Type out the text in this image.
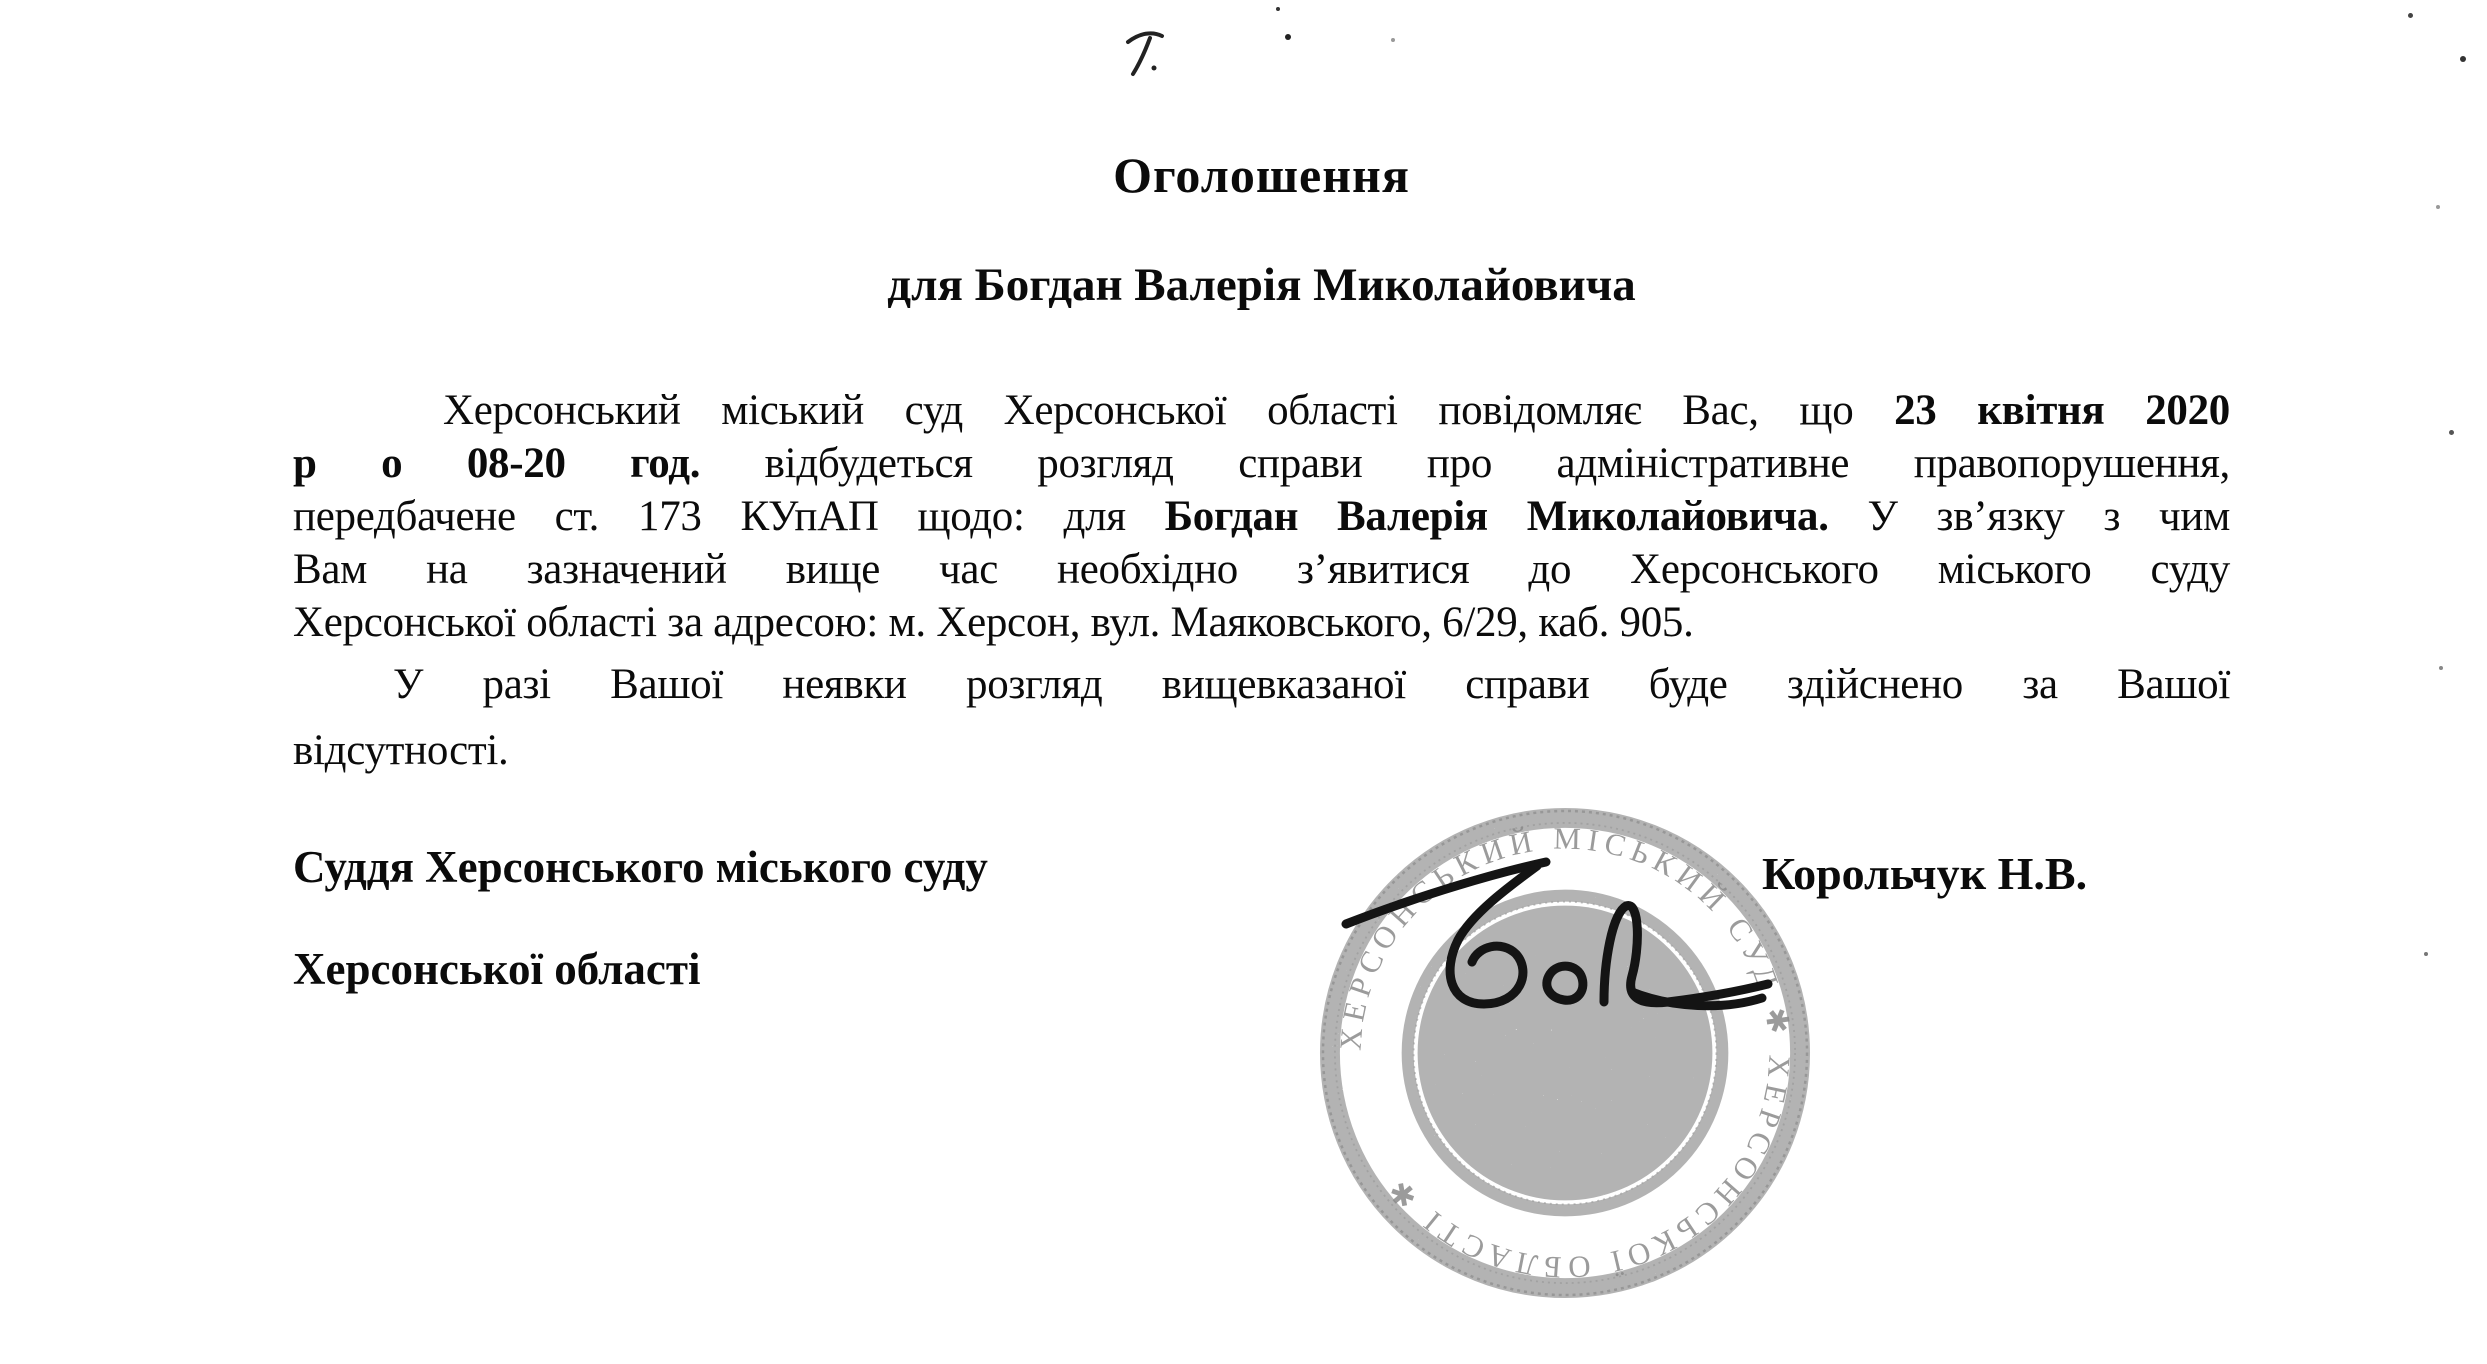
Оголошення
для Богдан Валерія Миколайовича
Херсонський міський суд Херсонської області повідомляє Вас, що 23 квітня 2020
р о 08-20 год. відбудеться розгляд справи про адміністративне правопорушення,
передбачене ст. 173 КУпАП щодо: для Богдан Валерія Миколайовича. У зв’язку з чим
Вам на зазначений вище час необхідно з’явитися до Херсонського міського суду
Херсонської області за адресою: м. Херсон, вул. Маяковського, 6/29, каб. 905.
У разі Вашої неявки розгляд вищевказаної справи буде здійснено за Вашої
відсутності.
Суддя Херсонського міського суду
Херсонської області
Корольчук Н.В.
ХЕРСОНСЬКИЙ МІСЬКИЙ СУД ✱ ХЕРСОНСЬКОЇ ОБЛАСТІ ✱
